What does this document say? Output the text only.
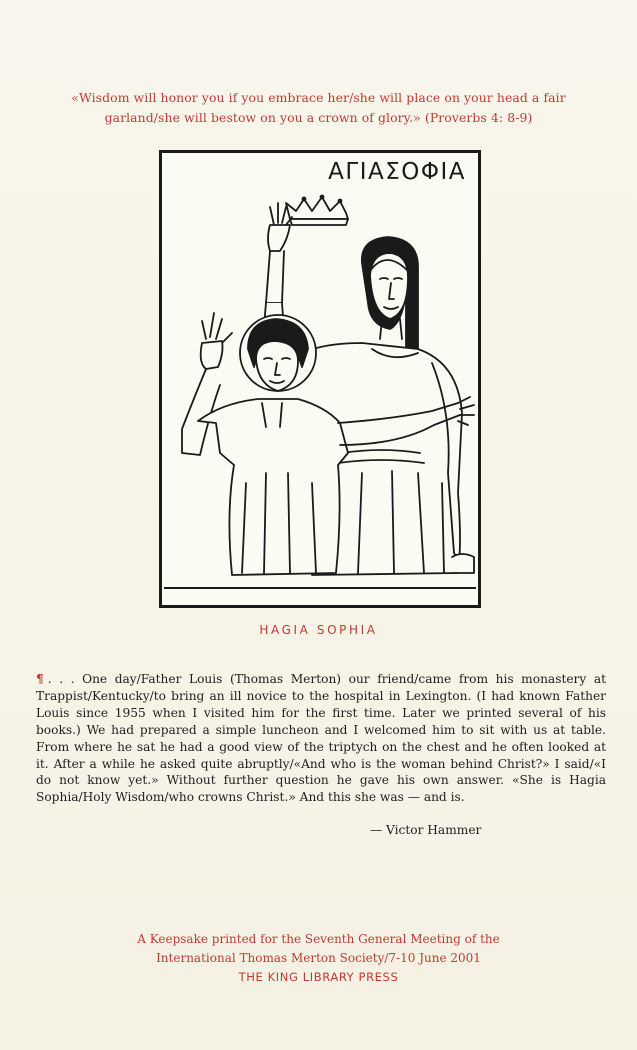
«Wisdom will honor you if you embrace her/she will place on your head a fair garland/she will bestow on you a crown of glory.» (Proverbs 4: 8-9)
ΑΓΙΑΣΟΦΙΑ
HAGIA SOPHIA
¶ . . . One day/Father Louis (Thomas Merton) our friend/came from his monastery at Trappist/Kentucky/to bring an ill novice to the hospital in Lexington. (I had known Father Louis since 1955 when I visited him for the first time. Later we printed several of his books.) We had prepared a simple luncheon and I welcomed him to sit with us at table. From where he sat he had a good view of the triptych on the chest and he often looked at it. After a while he asked quite abruptly/«And who is the woman behind Christ?» I said/«I do not know yet.» Without further question he gave his own answer. «She is Hagia Sophia/Holy Wisdom/who crowns Christ.» And this she was — and is.
— Victor Hammer
A Keepsake printed for the Seventh General Meeting of the
International Thomas Merton Society/7-10 June 2001
THE KING LIBRARY PRESS
